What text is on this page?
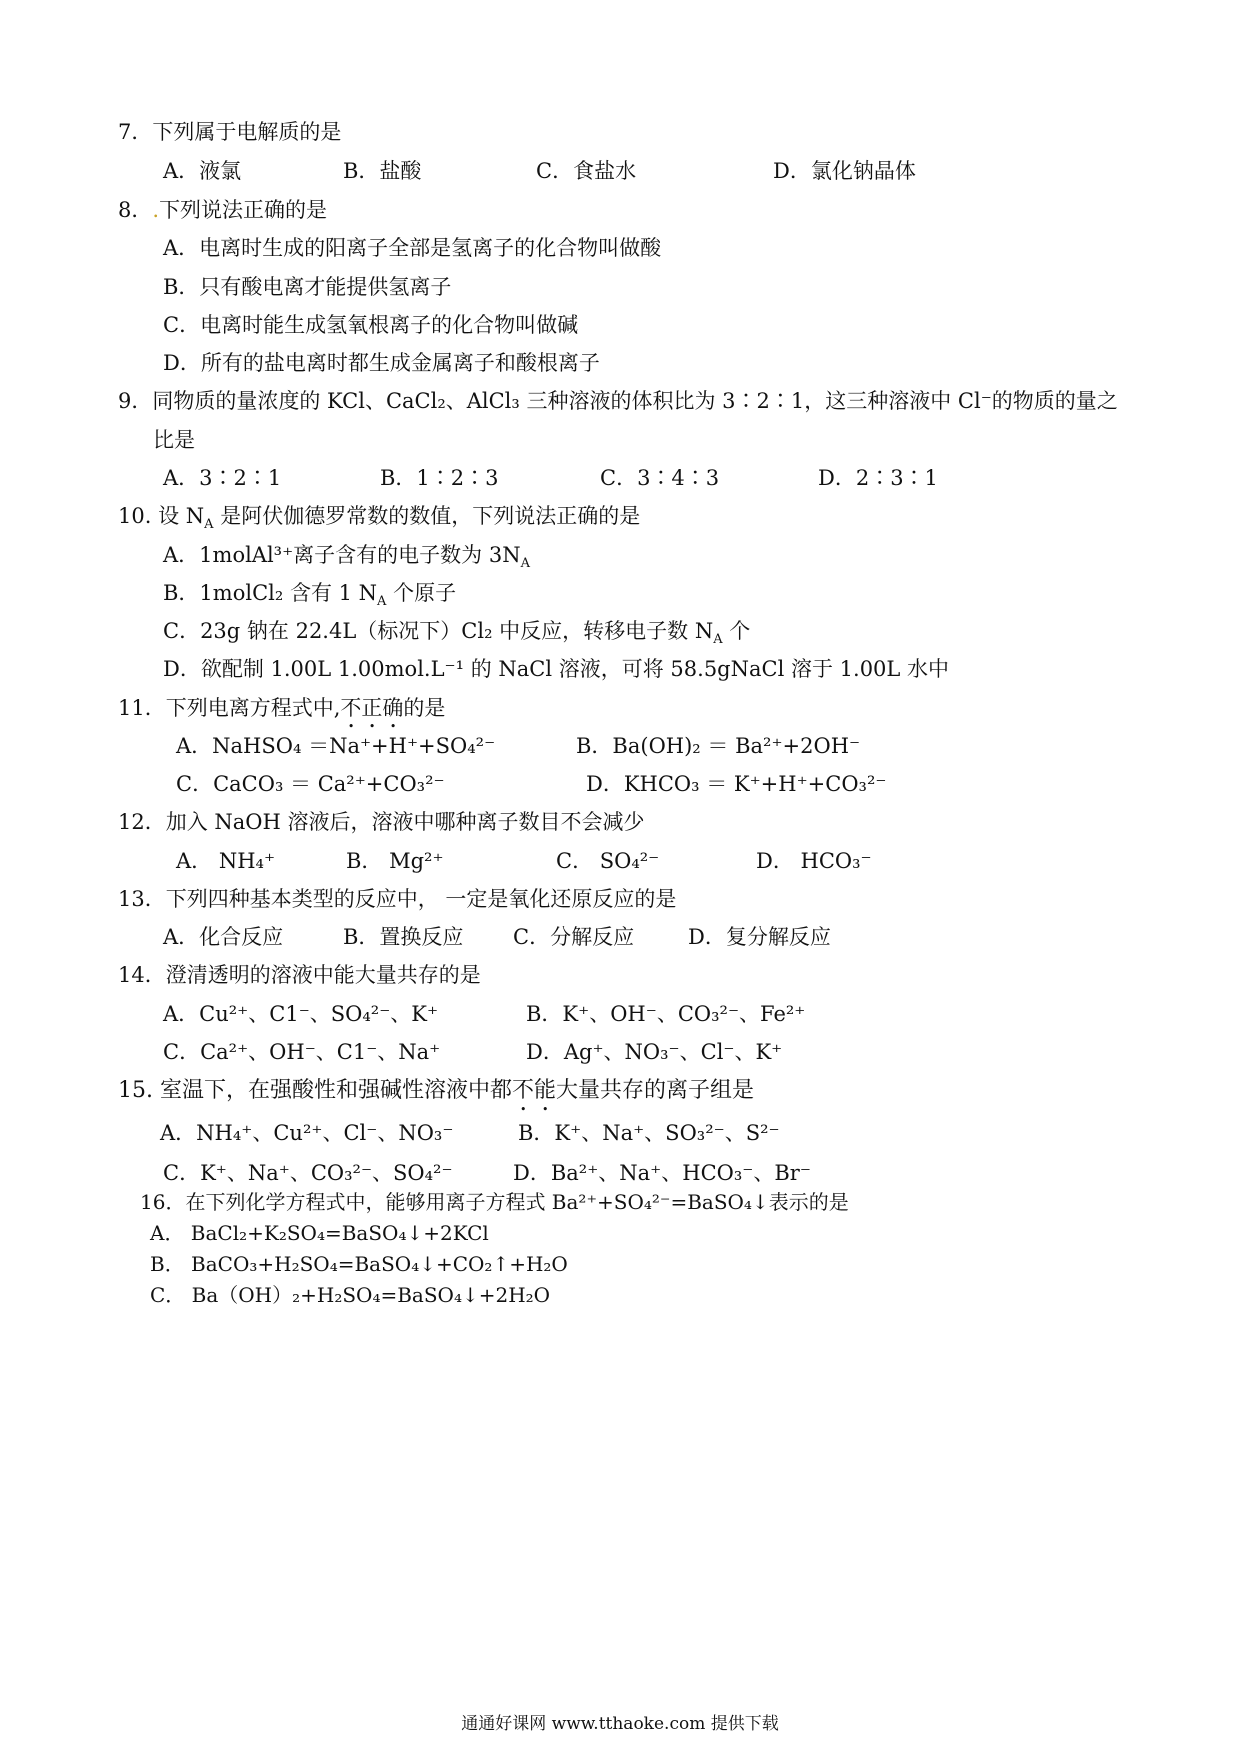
7．下列属于电解质的是
A．液氯	B．盐酸	C．食盐水	D．氯化钠晶体
8．.下列说法正确的是
A．电离时生成的阳离子全部是氢离子的化合物叫做酸
B．只有酸电离才能提供氢离子
C．电离时能生成氢氧根离子的化合物叫做碱
D．所有的盐电离时都生成金属离子和酸根离子
9．同物质的量浓度的 KCl、CaCl₂、AlCl₃ 三种溶液的体积比为 3∶2∶1，这三种溶液中 Cl⁻的物质的量之
比是
A．3∶2∶1	B．1∶2∶3	C．3∶4∶3	D．2∶3∶1
10. 设 $N_A$ 是阿伏伽德罗常数的数值，下列说法正确的是
A．1molAl³⁺离子含有的电子数为 $3N_A$
B．1molCl₂ 含有 1 $N_A$ 个原子
C．23g 钠在 22.4L（标况下）Cl₂ 中反应，转移电子数 $N_A$ 个
D．欲配制 1.00L 1.00mol.L⁻¹ 的 NaCl 溶液，可将 58.5gNaCl 溶于 1.00L 水中
11．下列电离方程式中,不正确的是
A．NaHSO₄ ＝Na⁺+H⁺+SO₄²⁻	B．Ba(OH)₂ ＝ Ba²⁺+2OH⁻
C．CaCO₃ ＝ Ca²⁺+CO₃²⁻	D．KHCO₃ ＝ K⁺+H⁺+CO₃²⁻
12．加入 NaOH 溶液后，溶液中哪种离子数目不会减少
A． NH₄⁺	B． Mg²⁺	C． SO₄²⁻	D． HCO₃⁻
13．下列四种基本类型的反应中， 一定是氧化还原反应的是
A．化合反应	B．置换反应 C．分解反应	D．复分解反应
14．澄清透明的溶液中能大量共存的是
A．Cu²⁺、C1⁻、SO₄²⁻、K⁺	B．K⁺、OH⁻、CO₃²⁻、Fe²⁺
C．Ca²⁺、OH⁻、C1⁻、Na⁺	D．Ag⁺、NO₃⁻、Cl⁻、K⁺
15. 室温下，在强酸性和强碱性溶液中都不能大量共存的离子组是
A．NH₄⁺、Cu²⁺、Cl⁻、NO₃⁻	B．K⁺、Na⁺、SO₃²⁻、S²⁻
C．K⁺、Na⁺、CO₃²⁻、SO₄²⁻	D．Ba²⁺、Na⁺、HCO₃⁻、Br⁻
16．在下列化学方程式中，能够用离子方程式 Ba²⁺+SO₄²⁻=BaSO₄↓表示的是
A． BaCl₂+K₂SO₄=BaSO₄↓+2KCl
B． BaCO₃+H₂SO₄=BaSO₄↓+CO₂↑+H₂O
C． Ba（OH）₂+H₂SO₄=BaSO₄↓+2H₂O
通通好课网 www.tthaoke.com 提供下载
